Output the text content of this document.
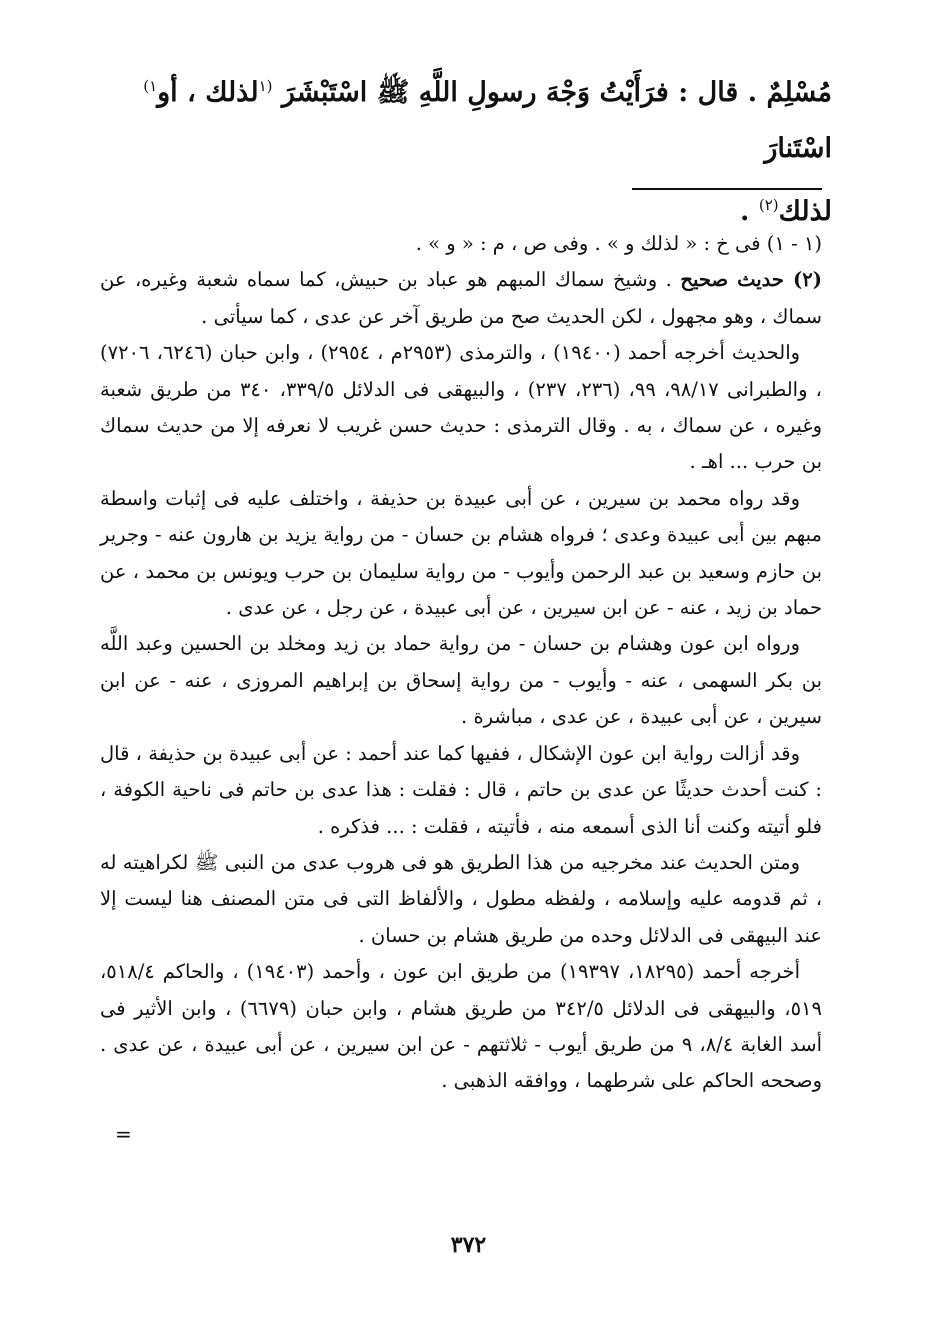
مُسْلِمٌ . قال : فرَأَيْتُ وَجْهَ رسولِ اللَّهِ ﷺ اسْتَبْشَرَ $^{(١}$لذلك ، أو$^{١)}$ اسْتَنارَ
لذلك$^{(٢)}$ .

(١ - ١) فى خ : « لذلك و » . وفى ص ، م : « و » .

(٢) حديث صحيح . وشيخ سماك المبهم هو عباد بن حبيش، كما سماه شعبة وغيره، عن سماك ، وهو مجهول ، لكن الحديث صح من طريق آخر عن عدى ، كما سيأتى .

والحديث أخرجه أحمد (١٩٤٠٠) ، والترمذى (٢٩٥٣م ، ٢٩٥٤) ، وابن حبان (٦٢٤٦، ٧٢٠٦) ، والطبرانى ٩٨/١٧، ٩٩، (٢٣٦، ٢٣٧) ، والبيهقى فى الدلائل ٣٣٩/٥، ٣٤٠ من طريق شعبة وغيره ، عن سماك ، به . وقال الترمذى : حديث حسن غريب لا نعرفه إلا من حديث سماك بن حرب ... اهـ .

وقد رواه محمد بن سيرين ، عن أبى عبيدة بن حذيفة ، واختلف عليه فى إثبات واسطة مبهم بين أبى عبيدة وعدى ؛ فرواه هشام بن حسان - من رواية يزيد بن هارون عنه - وجرير بن حازم وسعيد بن عبد الرحمن وأيوب - من رواية سليمان بن حرب ويونس بن محمد ، عن حماد بن زيد ، عنه - عن ابن سيرين ، عن أبى عبيدة ، عن رجل ، عن عدى .

ورواه ابن عون وهشام بن حسان - من رواية حماد بن زيد ومخلد بن الحسين وعبد اللَّه بن بكر السهمى ، عنه - وأيوب - من رواية إسحاق بن إبراهيم المروزى ، عنه - عن ابن سيرين ، عن أبى عبيدة ، عن عدى ، مباشرة .

وقد أزالت رواية ابن عون الإشكال ، ففيها كما عند أحمد : عن أبى عبيدة بن حذيفة ، قال : كنت أحدث حديثًا عن عدى بن حاتم ، قال : فقلت : هذا عدى بن حاتم فى ناحية الكوفة ، فلو أتيته وكنت أنا الذى أسمعه منه ، فأتيته ، فقلت : ... فذكره .

ومتن الحديث عند مخرجيه من هذا الطريق هو فى هروب عدى من النبى ﷺ لكراهيته له ، ثم قدومه عليه وإسلامه ، ولفظه مطول ، والألفاظ التى فى متن المصنف هنا ليست إلا عند البيهقى فى الدلائل وحده من طريق هشام بن حسان .

أخرجه أحمد (١٨٢٩٥، ١٩٣٩٧) من طريق ابن عون ، وأحمد (١٩٤٠٣) ، والحاكم ٥١٨/٤، ٥١٩، والبيهقى فى الدلائل ٣٤٢/٥ من طريق هشام ، وابن حبان (٦٦٧٩) ، وابن الأثير فى أسد الغابة ٨/٤، ٩ من طريق أيوب - ثلاثتهم - عن ابن سيرين ، عن أبى عبيدة ، عن عدى . وصححه الحاكم على شرطهما ، ووافقه الذهبى .

=
٣٧٢
